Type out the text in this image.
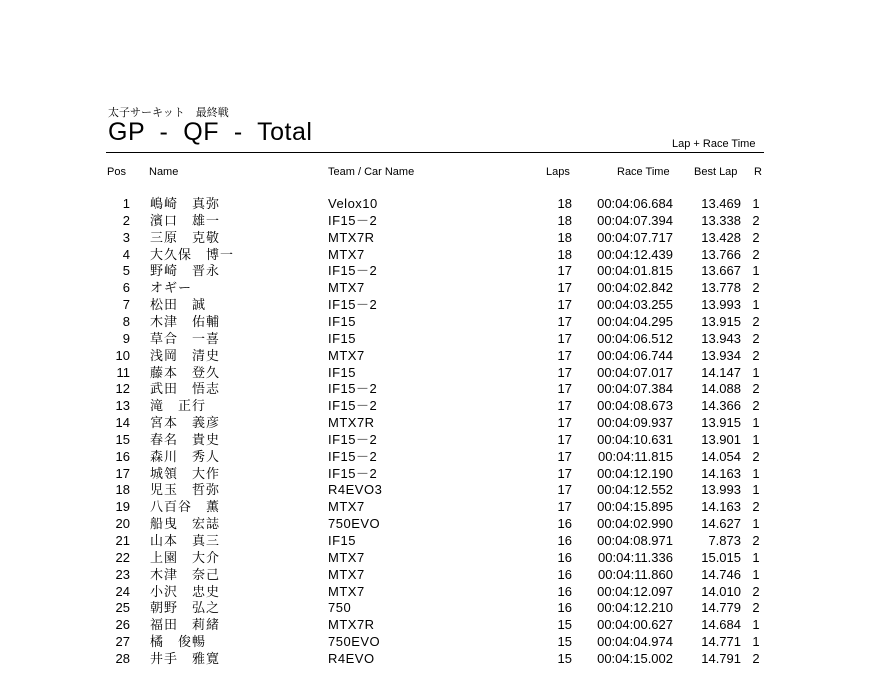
太子サーキット　最終戦
GP  -  QF  -  Total	Lap + Race Time
Pos Name	Team / Car Name	Laps	Race Time Best Lap R
1 嶋崎　真弥	Velox10	18	00:04:06.684	13.469 1
2 濱口　雄一	IF15－2	18	00:04:07.394	13.338 2
3 三原　克敬	MTX7R	18	00:04:07.717	13.428 2
4 大久保　博一	MTX7	18	00:04:12.439	13.766 2
5 野崎　晋永	IF15－2	17	00:04:01.815	13.667 1
6 オギー	MTX7	17	00:04:02.842	13.778 2
7 松田　誠	IF15－2	17	00:04:03.255	13.993 1
8 木津　佑輔	IF15	17	00:04:04.295	13.915 2
9 草合　一喜	IF15	17	00:04:06.512	13.943 2
10 浅岡　清史	MTX7	17	00:04:06.744	13.934 2
11 藤本　登久	IF15	17	00:04:07.017	14.147 1
12 武田　悟志	IF15－2	17	00:04:07.384	14.088 2
13 滝　正行	IF15－2	17	00:04:08.673	14.366 2
14 宮本　義彦	MTX7R	17	00:04:09.937	13.915 1
15 春名　貴史	IF15－2	17	00:04:10.631	13.901 1
16 森川　秀人	IF15－2	17	00:04:11.815	14.054 2
17 城領　大作	IF15－2	17	00:04:12.190	14.163 1
18 児玉　哲弥	R4EVO3	17	00:04:12.552	13.993 1
19 八百谷　薫	MTX7	17	00:04:15.895	14.163 2
20 船曳　宏誌	750EVO	16	00:04:02.990	14.627 1
21 山本　真三	IF15	16	00:04:08.971	7.873 2
22 上園　大介	MTX7	16	00:04:11.336	15.015 1
23 木津　奈己	MTX7	16	00:04:11.860	14.746 1
24 小沢　忠史	MTX7	16	00:04:12.097	14.010 2
25 朝野　弘之	750	16	00:04:12.210	14.779 2
26 福田　莉緒	MTX7R	15	00:04:00.627	14.684 1
27 橘　俊暢	750EVO	15	00:04:04.974	14.771 1
28 井手　雅寛	R4EVO	15	00:04:15.002	14.791 2
